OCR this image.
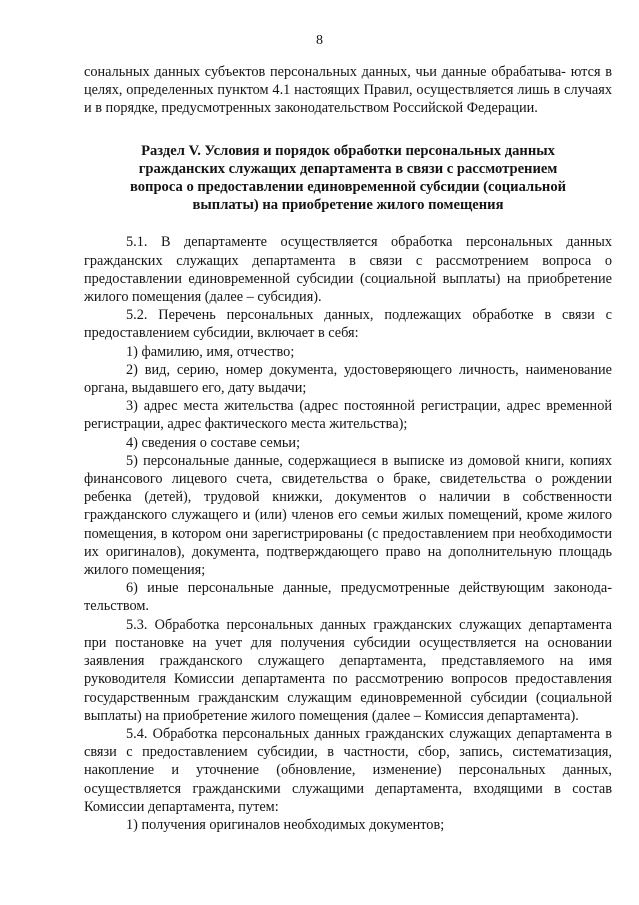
8

сональных данных субъектов персональных данных, чьи данные обрабатыва- ются в целях, определенных пунктом 4.1 настоящих Правил, осуществляется лишь в случаях и в порядке, предусмотренных законодательством Российской Федерации.

Раздел V. Условия и порядок обработки персональных данных
гражданских служащих департамента в связи с рассмотрением
вопроса о предоставлении единовременной субсидии (социальной
выплаты) на приобретение жилого помещения

5.1. В департаменте осуществляется обработка персональных данных гражданских служащих департамента в связи с рассмотрением вопроса о предоставлении единовременной субсидии (социальной выплаты) на приобретение жилого помещения (далее – субсидия).

5.2. Перечень персональных данных, подлежащих обработке в связи с предоставлением субсидии, включает в себя:

1) фамилию, имя, отчество;

2) вид, серию, номер документа, удостоверяющего личность, наименование органа, выдавшего его, дату выдачи;

3) адрес места жительства (адрес постоянной регистрации, адрес временной регистрации, адрес фактического места жительства);

4) сведения о составе семьи;

5) персональные данные, содержащиеся в выписке из домовой книги, копиях финансового лицевого счета, свидетельства о браке, свидетельства о рождении ребенка (детей), трудовой книжки, документов о наличии в собственности гражданского служащего и (или) членов его семьи жилых помещений, кроме жилого помещения, в котором они зарегистрированы (с предоставлением при необходимости их оригиналов), документа, подтверждающего право на дополнительную площадь жилого помещения;

6) иные персональные данные, предусмотренные действующим законодательством.

5.3. Обработка персональных данных гражданских служащих департамента при постановке на учет для получения субсидии осуществляется на основании заявления гражданского служащего департамента, представляемого на имя руководителя Комиссии департамента по рассмотрению вопросов предоставления государственным гражданским служащим единовременной субсидии (социальной выплаты) на приобретение жилого помещения (далее – Комиссия департамента).

5.4. Обработка персональных данных гражданских служащих департамента в связи с предоставлением субсидии, в частности, сбор, запись, системaтизация, накопление и уточнение (обновление, изменение) персональных данных, осуществляется гражданскими служащими департамента, входящими в состав Комиссии департамента, путем:

1) получения оригиналов необходимых документов;
